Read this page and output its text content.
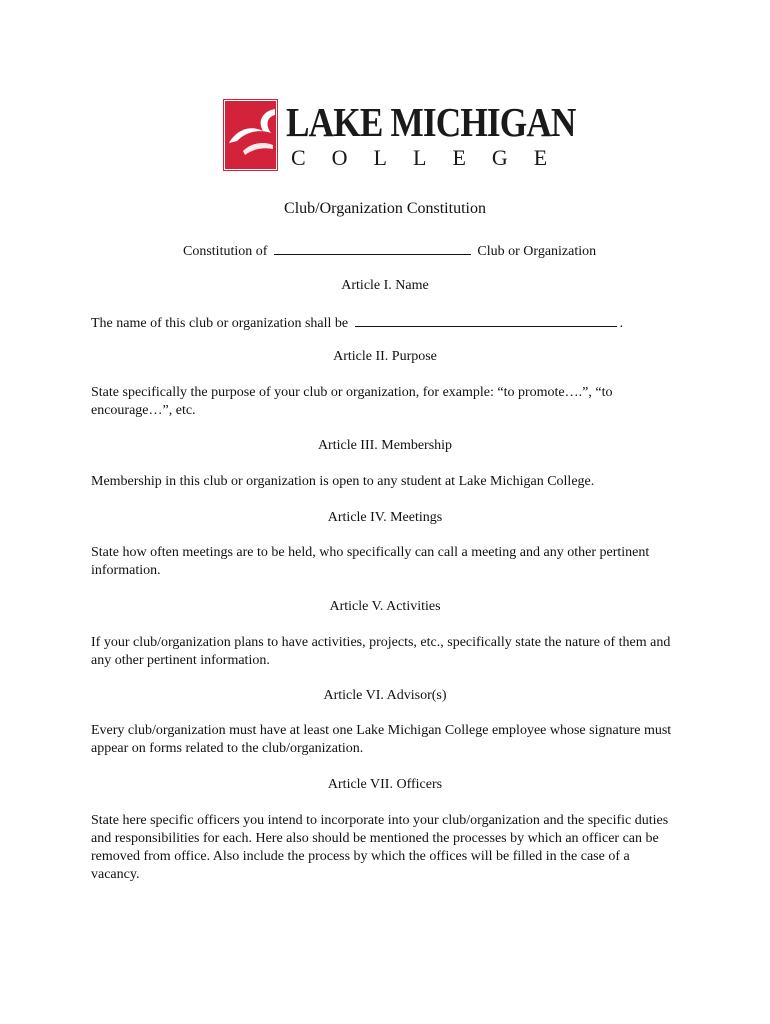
LAKE MICHIGAN
COLLEGE
Club/Organization Constitution
Constitution of	Club or Organization
Article I. Name
The name of this club or organization shall be	.
Article II. Purpose
State specifically the purpose of your club or organization, for example: “to promote….”, “to encourage…”, etc.
Article III. Membership
Membership in this club or organization is open to any student at Lake Michigan College.
Article IV. Meetings
State how often meetings are to be held, who specifically can call a meeting and any other pertinent information.
Article V. Activities
If your club/organization plans to have activities, projects, etc., specifically state the nature of them and any other pertinent information.
Article VI. Advisor(s)
Every club/organization must have at least one Lake Michigan College employee whose signature must appear on forms related to the club/organization.
Article VII. Officers
State here specific officers you intend to incorporate into your club/organization and the specific duties and responsibilities for each. Here also should be mentioned the processes by which an officer can be removed from office. Also include the process by which the offices will be filled in the case of a vacancy.
